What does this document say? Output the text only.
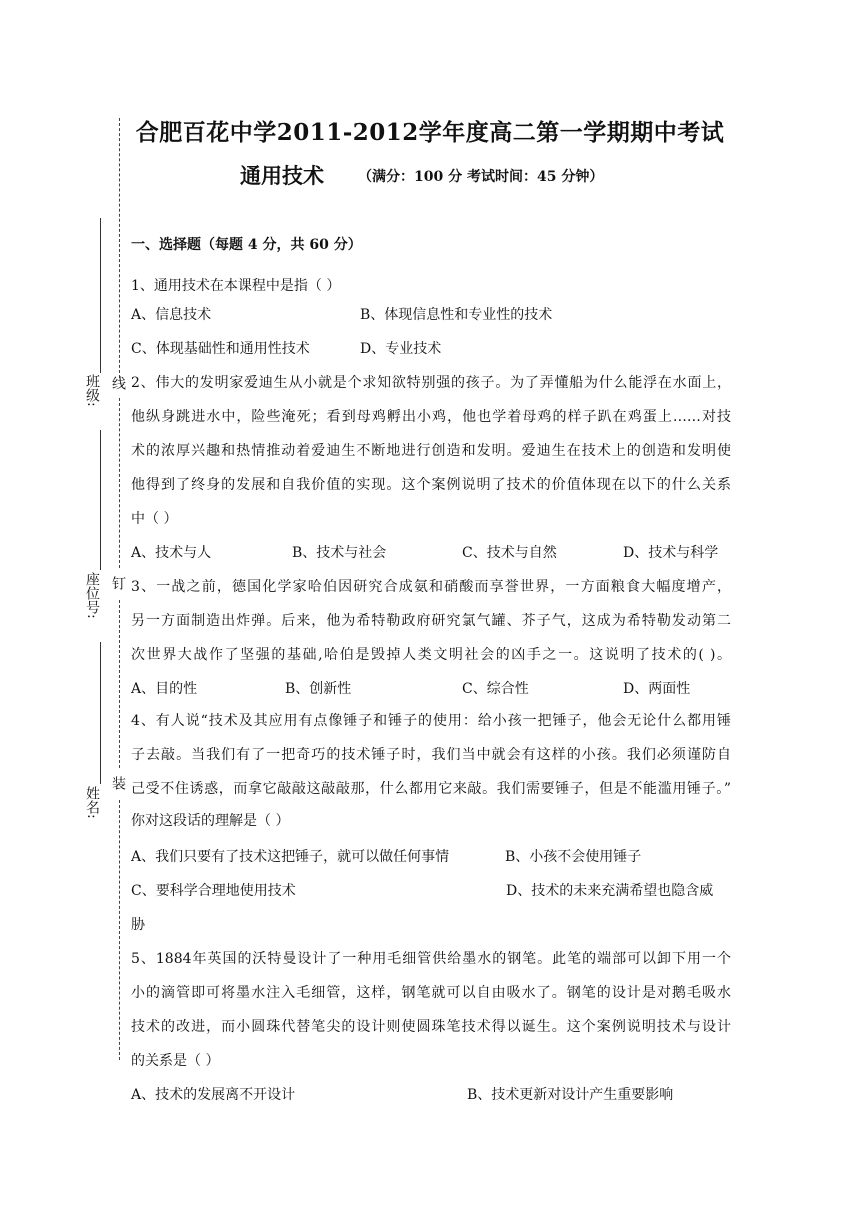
合肥百花中学2011-2012学年度高二第一学期期中考试
通用技术 （满分：100 分 考试时间：45 分钟）
线
钉
装
班级:
座位号:
姓名:
一、选择题（每题 4 分，共 60 分）
1、通用技术在本课程中是指（ ）
A、信息技术	B、体现信息性和专业性的技术
C、体现基础性和通用性技术	D、专业技术
2、伟大的发明家爱迪生从小就是个求知欲特别强的孩子。为了弄懂船为什么能浮在水面上，
他纵身跳进水中，险些淹死；看到母鸡孵出小鸡，他也学着母鸡的样子趴在鸡蛋上……对技
术的浓厚兴趣和热情推动着爱迪生不断地进行创造和发明。爱迪生在技术上的创造和发明使
他得到了终身的发展和自我价值的实现。这个案例说明了技术的价值体现在以下的什么关系
中（ ）
A、技术与人	B、技术与社会	C、技术与自然	D、技术与科学
3、一战之前，德国化学家哈伯因研究合成氨和硝酸而享誉世界，一方面粮食大幅度增产，
另一方面制造出炸弹。后来，他为希特勒政府研究氯气罐、芥子气，这成为希特勒发动第二
次世界大战作了坚强的基础,哈伯是毁掉人类文明社会的凶手之一。这说明了技术的( )。
A、目的性	B、创新性	C、综合性	D、两面性
4、有人说“技术及其应用有点像锤子和锤子的使用：给小孩一把锤子，他会无论什么都用锤
子去敲。当我们有了一把奇巧的技术锤子时，我们当中就会有这样的小孩。我们必须谨防自
己受不住诱惑，而拿它敲敲这敲敲那，什么都用它来敲。我们需要锤子，但是不能滥用锤子。”
你对这段话的理解是（ ）
A、我们只要有了技术这把锤子，就可以做任何事情	B、小孩不会使用锤子
C、要科学合理地使用技术	D、技术的未来充满希望也隐含威
胁
5、1884年英国的沃特曼设计了一种用毛细管供给墨水的钢笔。此笔的端部可以卸下用一个
小的滴管即可将墨水注入毛细管，这样，钢笔就可以自由吸水了。钢笔的设计是对鹅毛吸水
技术的改进，而小圆珠代替笔尖的设计则使圆珠笔技术得以诞生。这个案例说明技术与设计
的关系是（ ）
A、技术的发展离不开设计	B、技术更新对设计产生重要影响
